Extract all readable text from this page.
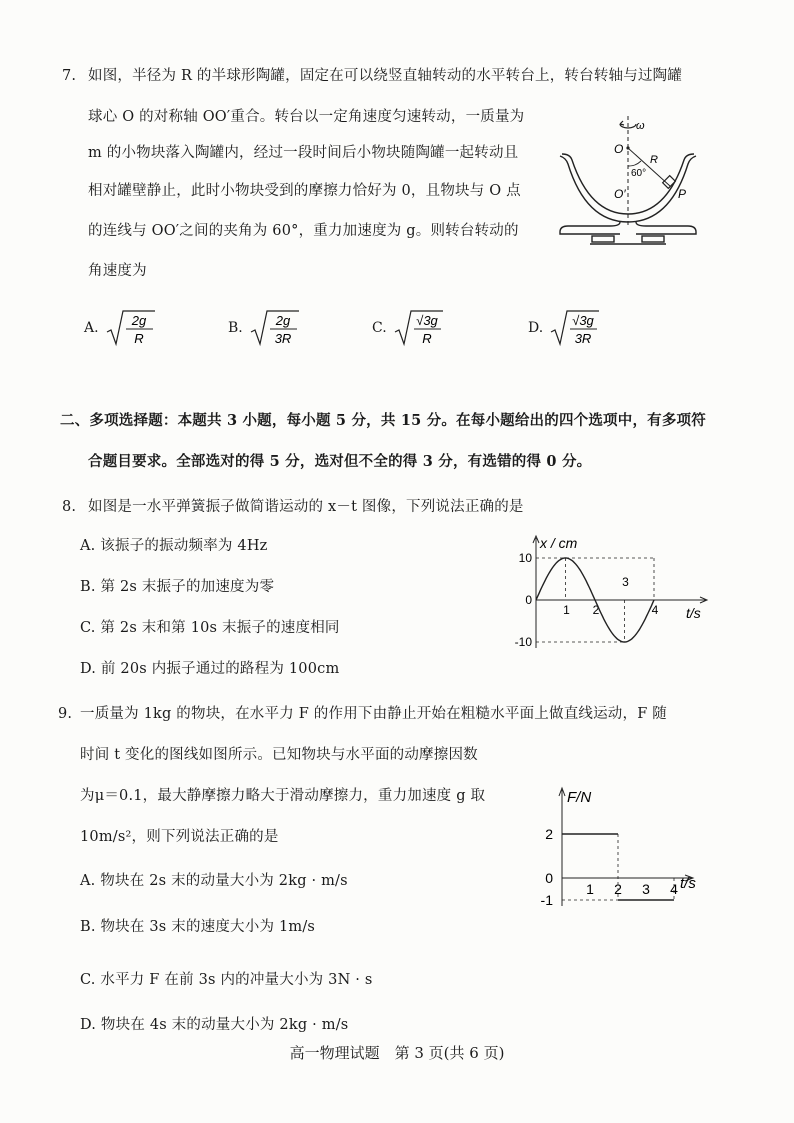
7. 如图，半径为 R 的半球形陶罐，固定在可以绕竖直轴转动的水平转台上，转台转轴与过陶罐
球心 O 的对称轴 OO′重合。转台以一定角速度匀速转动，一质量为
m 的小物块落入陶罐内，经过一段时间后小物块随陶罐一起转动且
相对罐壁静止，此时小物块受到的摩擦力恰好为 0，且物块与 O 点
的连线与 OO′之间的夹角为 60°，重力加速度为 g。则转台转动的
角速度为
ω
O
O′
R
60°
P
A.	2g
R
B.	2g
3R
C. √3g
R
D. √3g
3R
二、多项选择题：本题共 3 小题，每小题 5 分，共 15 分。在每小题给出的四个选项中，有多项符
合题目要求。全部选对的得 5 分，选对但不全的得 3 分，有选错的得 0 分。
8. 如图是一水平弹簧振子做简谐运动的 x－t 图像，下列说法正确的是
A. 该振子的振动频率为 4Hz
B. 第 2s 末振子的加速度为零
C. 第 2s 末和第 10s 末振子的速度相同
D. 前 20s 内振子通过的路程为 100cm
x / cm
t/s
10
0
-10
1 2
3
4
9. 一质量为 1kg 的物块，在水平力 F 的作用下由静止开始在粗糙水平面上做直线运动，F 随
时间 t 变化的图线如图所示。已知物块与水平面的动摩擦因数
为μ＝0.1，最大静摩擦力略大于滑动摩擦力，重力加速度 g 取
10m/s²，则下列说法正确的是
A. 物块在 2s 末的动量大小为 2kg · m/s
B. 物块在 3s 末的速度大小为 1m/s
C. 水平力 F 在前 3s 内的冲量大小为 3N · s
D. 物块在 4s 末的动量大小为 2kg · m/s
F/N
t/s
2
0
-1
1 2 3 4
高一物理试题　第 3 页(共 6 页)
